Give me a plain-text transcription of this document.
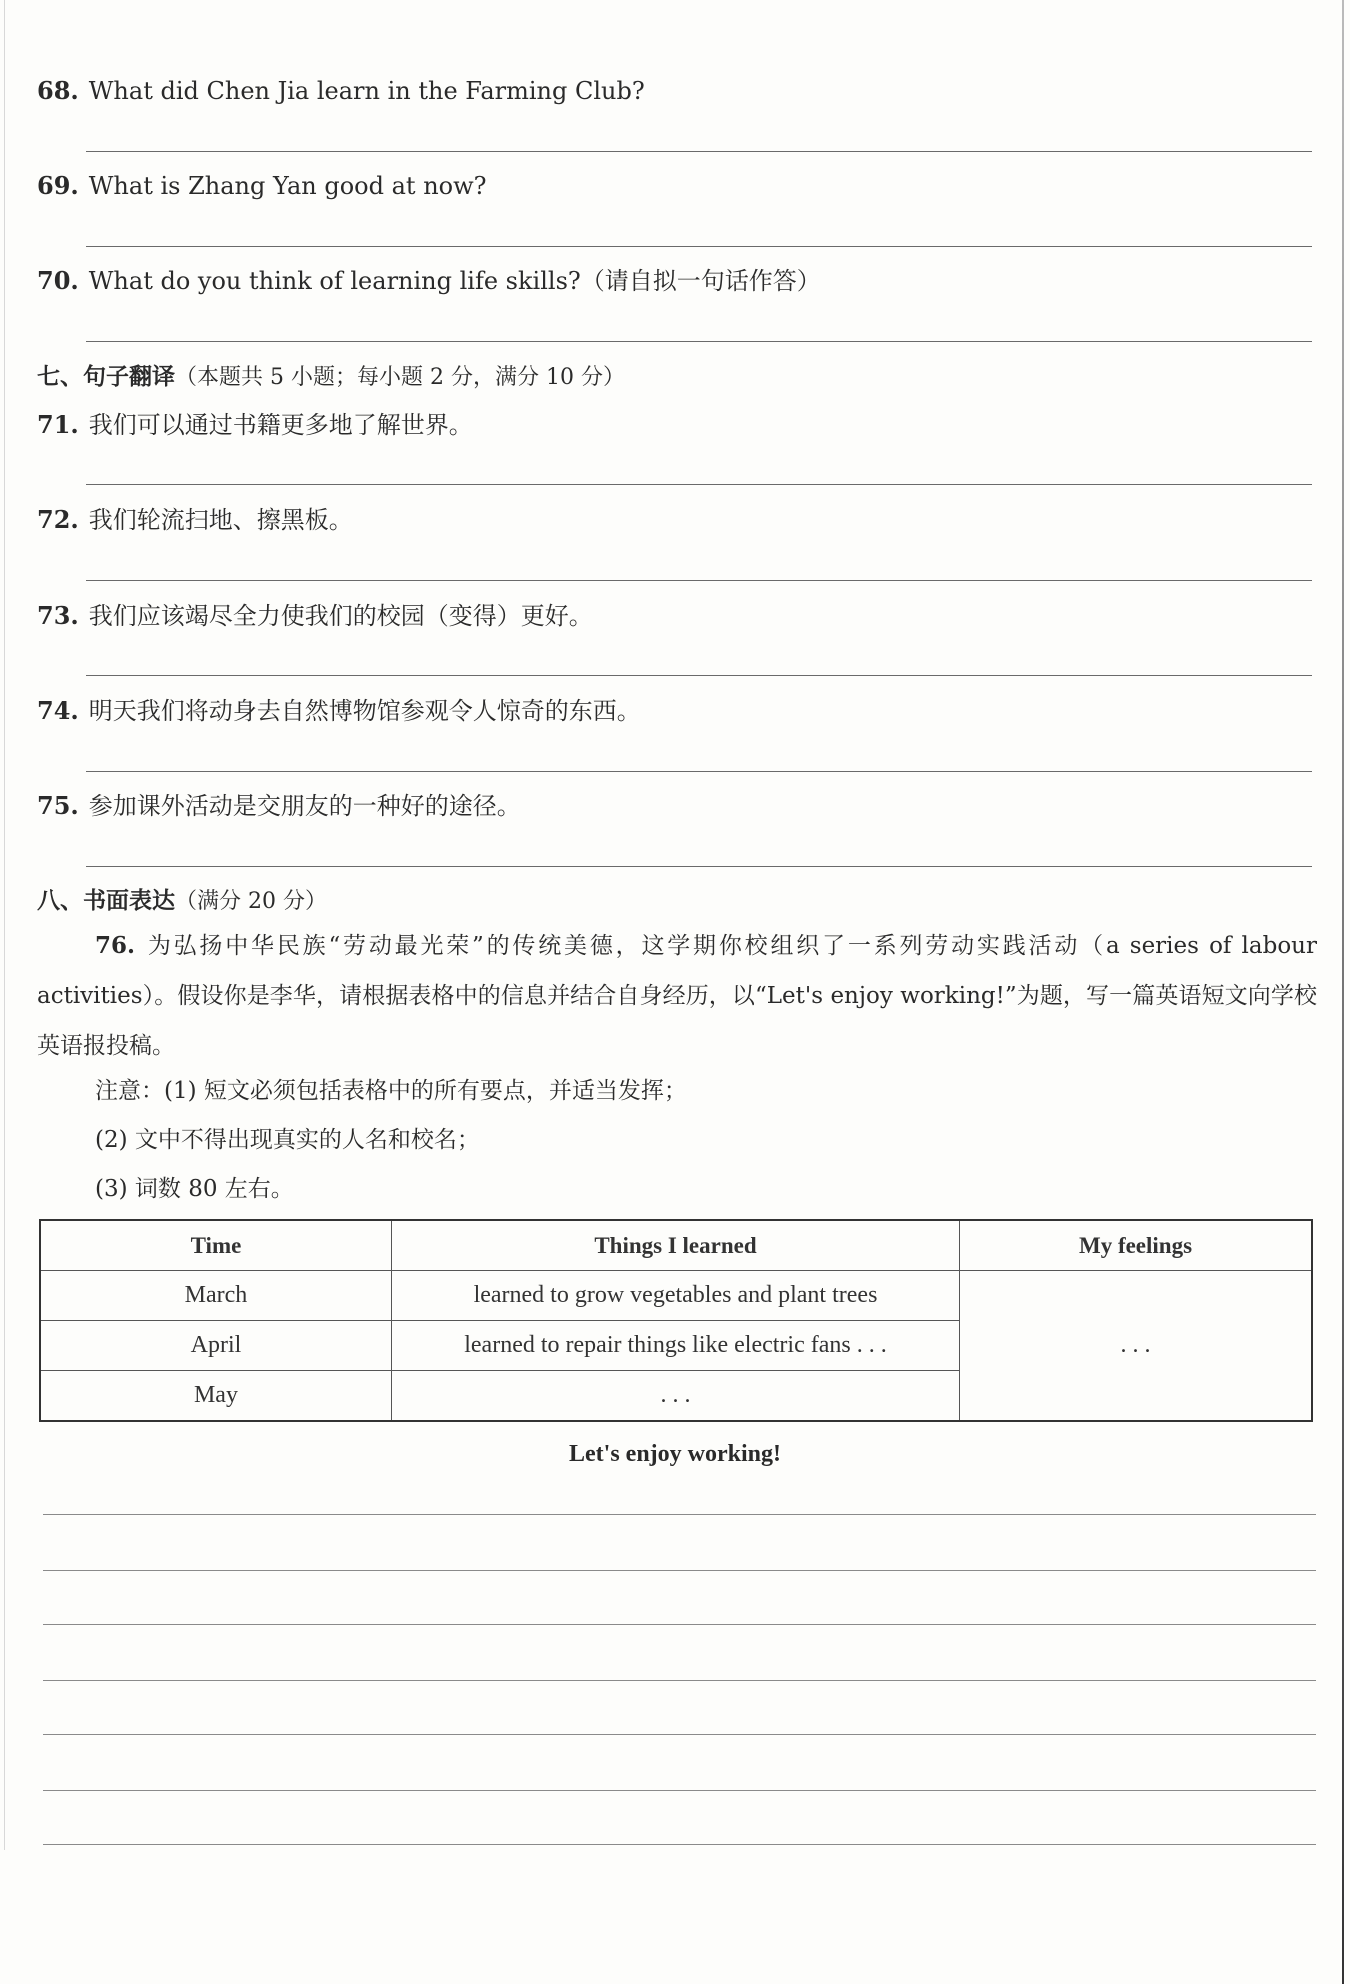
68. What did Chen Jia learn in the Farming Club?
69. What is Zhang Yan good at now?
70. What do you think of learning life skills?（请自拟一句话作答）
七、句子翻译（本题共 5 小题；每小题 2 分，满分 10 分）
71. 我们可以通过书籍更多地了解世界。
72. 我们轮流扫地、擦黑板。
73. 我们应该竭尽全力使我们的校园（变得）更好。
74. 明天我们将动身去自然博物馆参观令人惊奇的东西。
75. 参加课外活动是交朋友的一种好的途径。
八、书面表达（满分 20 分）
76. 为弘扬中华民族“劳动最光荣”的传统美德，这学期你校组织了一系列劳动实践活动（a series of labour activities）。假设你是李华，请根据表格中的信息并结合自身经历，以“Let's enjoy working!”为题，写一篇英语短文向学校英语报投稿。
注意：(1) 短文必须包括表格中的所有要点，并适当发挥；
(2) 文中不得出现真实的人名和校名；
(3) 词数 80 左右。
Time	Things I learned	My feelings
March	learned to grow vegetables and plant trees	. . .
April	learned to repair things like electric fans . . .	
May	. . .	
Let's enjoy working!
